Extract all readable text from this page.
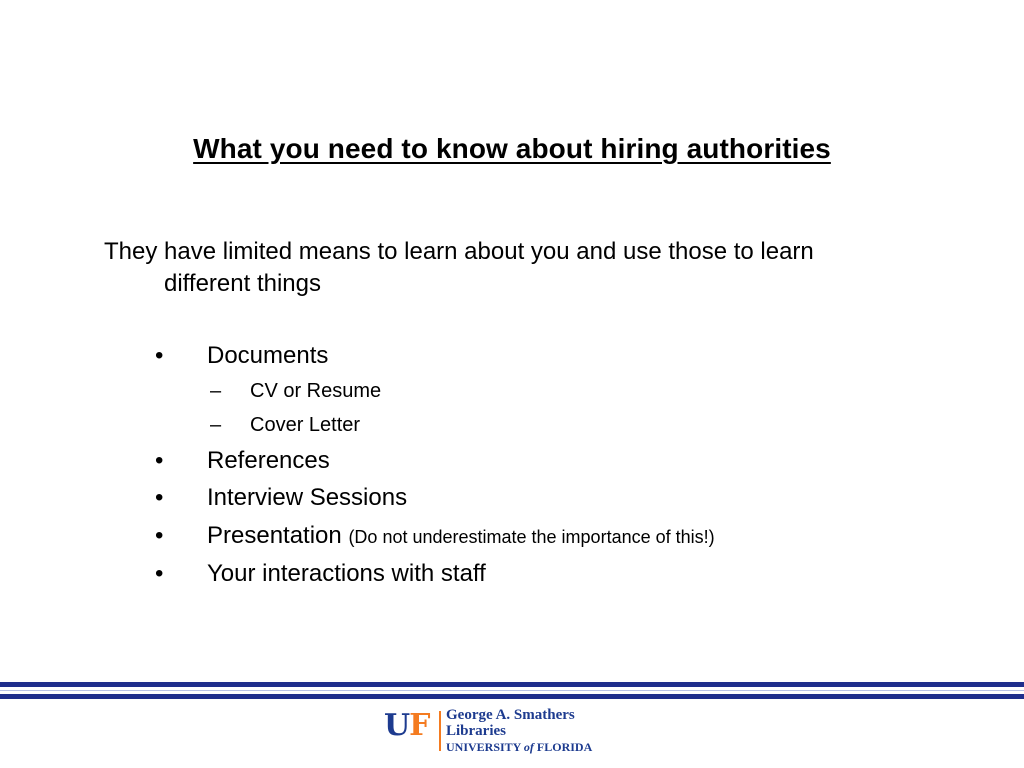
What you need to know about hiring authorities
They have limited means to learn about you and use those to learn
different things
• Documents
– CV or Resume
– Cover Letter
• References
• Interview Sessions
• Presentation (Do not underestimate the importance of this!)
• Your interactions with staff
UF George A. Smathers
Libraries
UNIVERSITY of FLORIDA
